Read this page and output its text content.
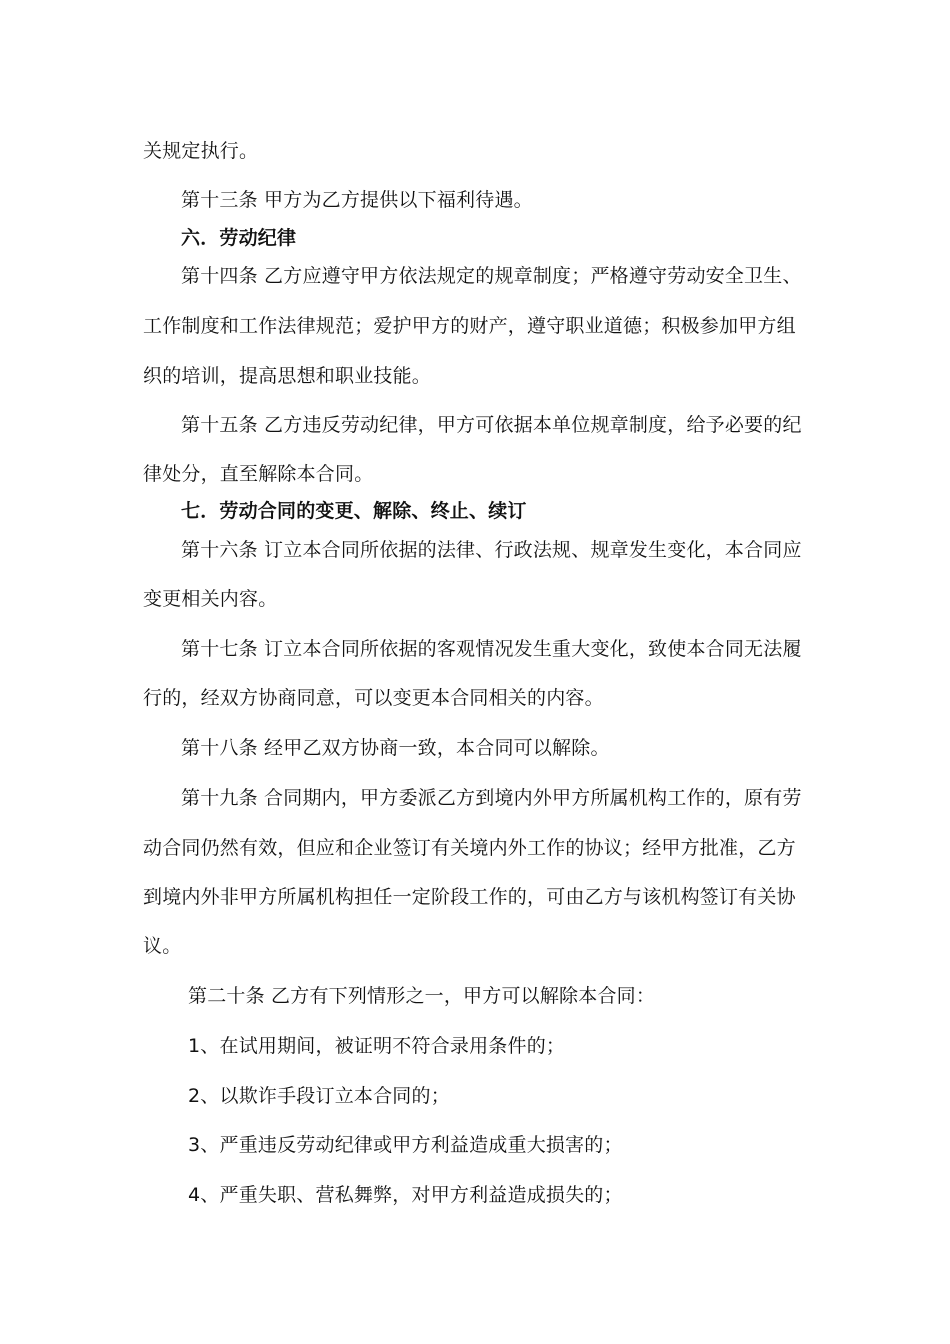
关规定执行。
第十三条 甲方为乙方提供以下福利待遇。
六．劳动纪律
第十四条 乙方应遵守甲方依法规定的规章制度；严格遵守劳动安全卫生、
工作制度和工作法律规范；爱护甲方的财产，遵守职业道德；积极参加甲方组
织的培训，提高思想和职业技能。
第十五条 乙方违反劳动纪律，甲方可依据本单位规章制度，给予必要的纪
律处分，直至解除本合同。
七．劳动合同的变更、解除、终止、续订
第十六条 订立本合同所依据的法律、行政法规、规章发生变化，本合同应
变更相关内容。
第十七条 订立本合同所依据的客观情况发生重大变化，致使本合同无法履
行的，经双方协商同意，可以变更本合同相关的内容。
第十八条 经甲乙双方协商一致，本合同可以解除。
第十九条 合同期内，甲方委派乙方到境内外甲方所属机构工作的，原有劳
动合同仍然有效，但应和企业签订有关境内外工作的协议；经甲方批准，乙方
到境内外非甲方所属机构担任一定阶段工作的，可由乙方与该机构签订有关协
议。
第二十条 乙方有下列情形之一，甲方可以解除本合同：
1、在试用期间，被证明不符合录用条件的；
2、以欺诈手段订立本合同的；
3、严重违反劳动纪律或甲方利益造成重大损害的；
4、严重失职、营私舞弊，对甲方利益造成损失的；
